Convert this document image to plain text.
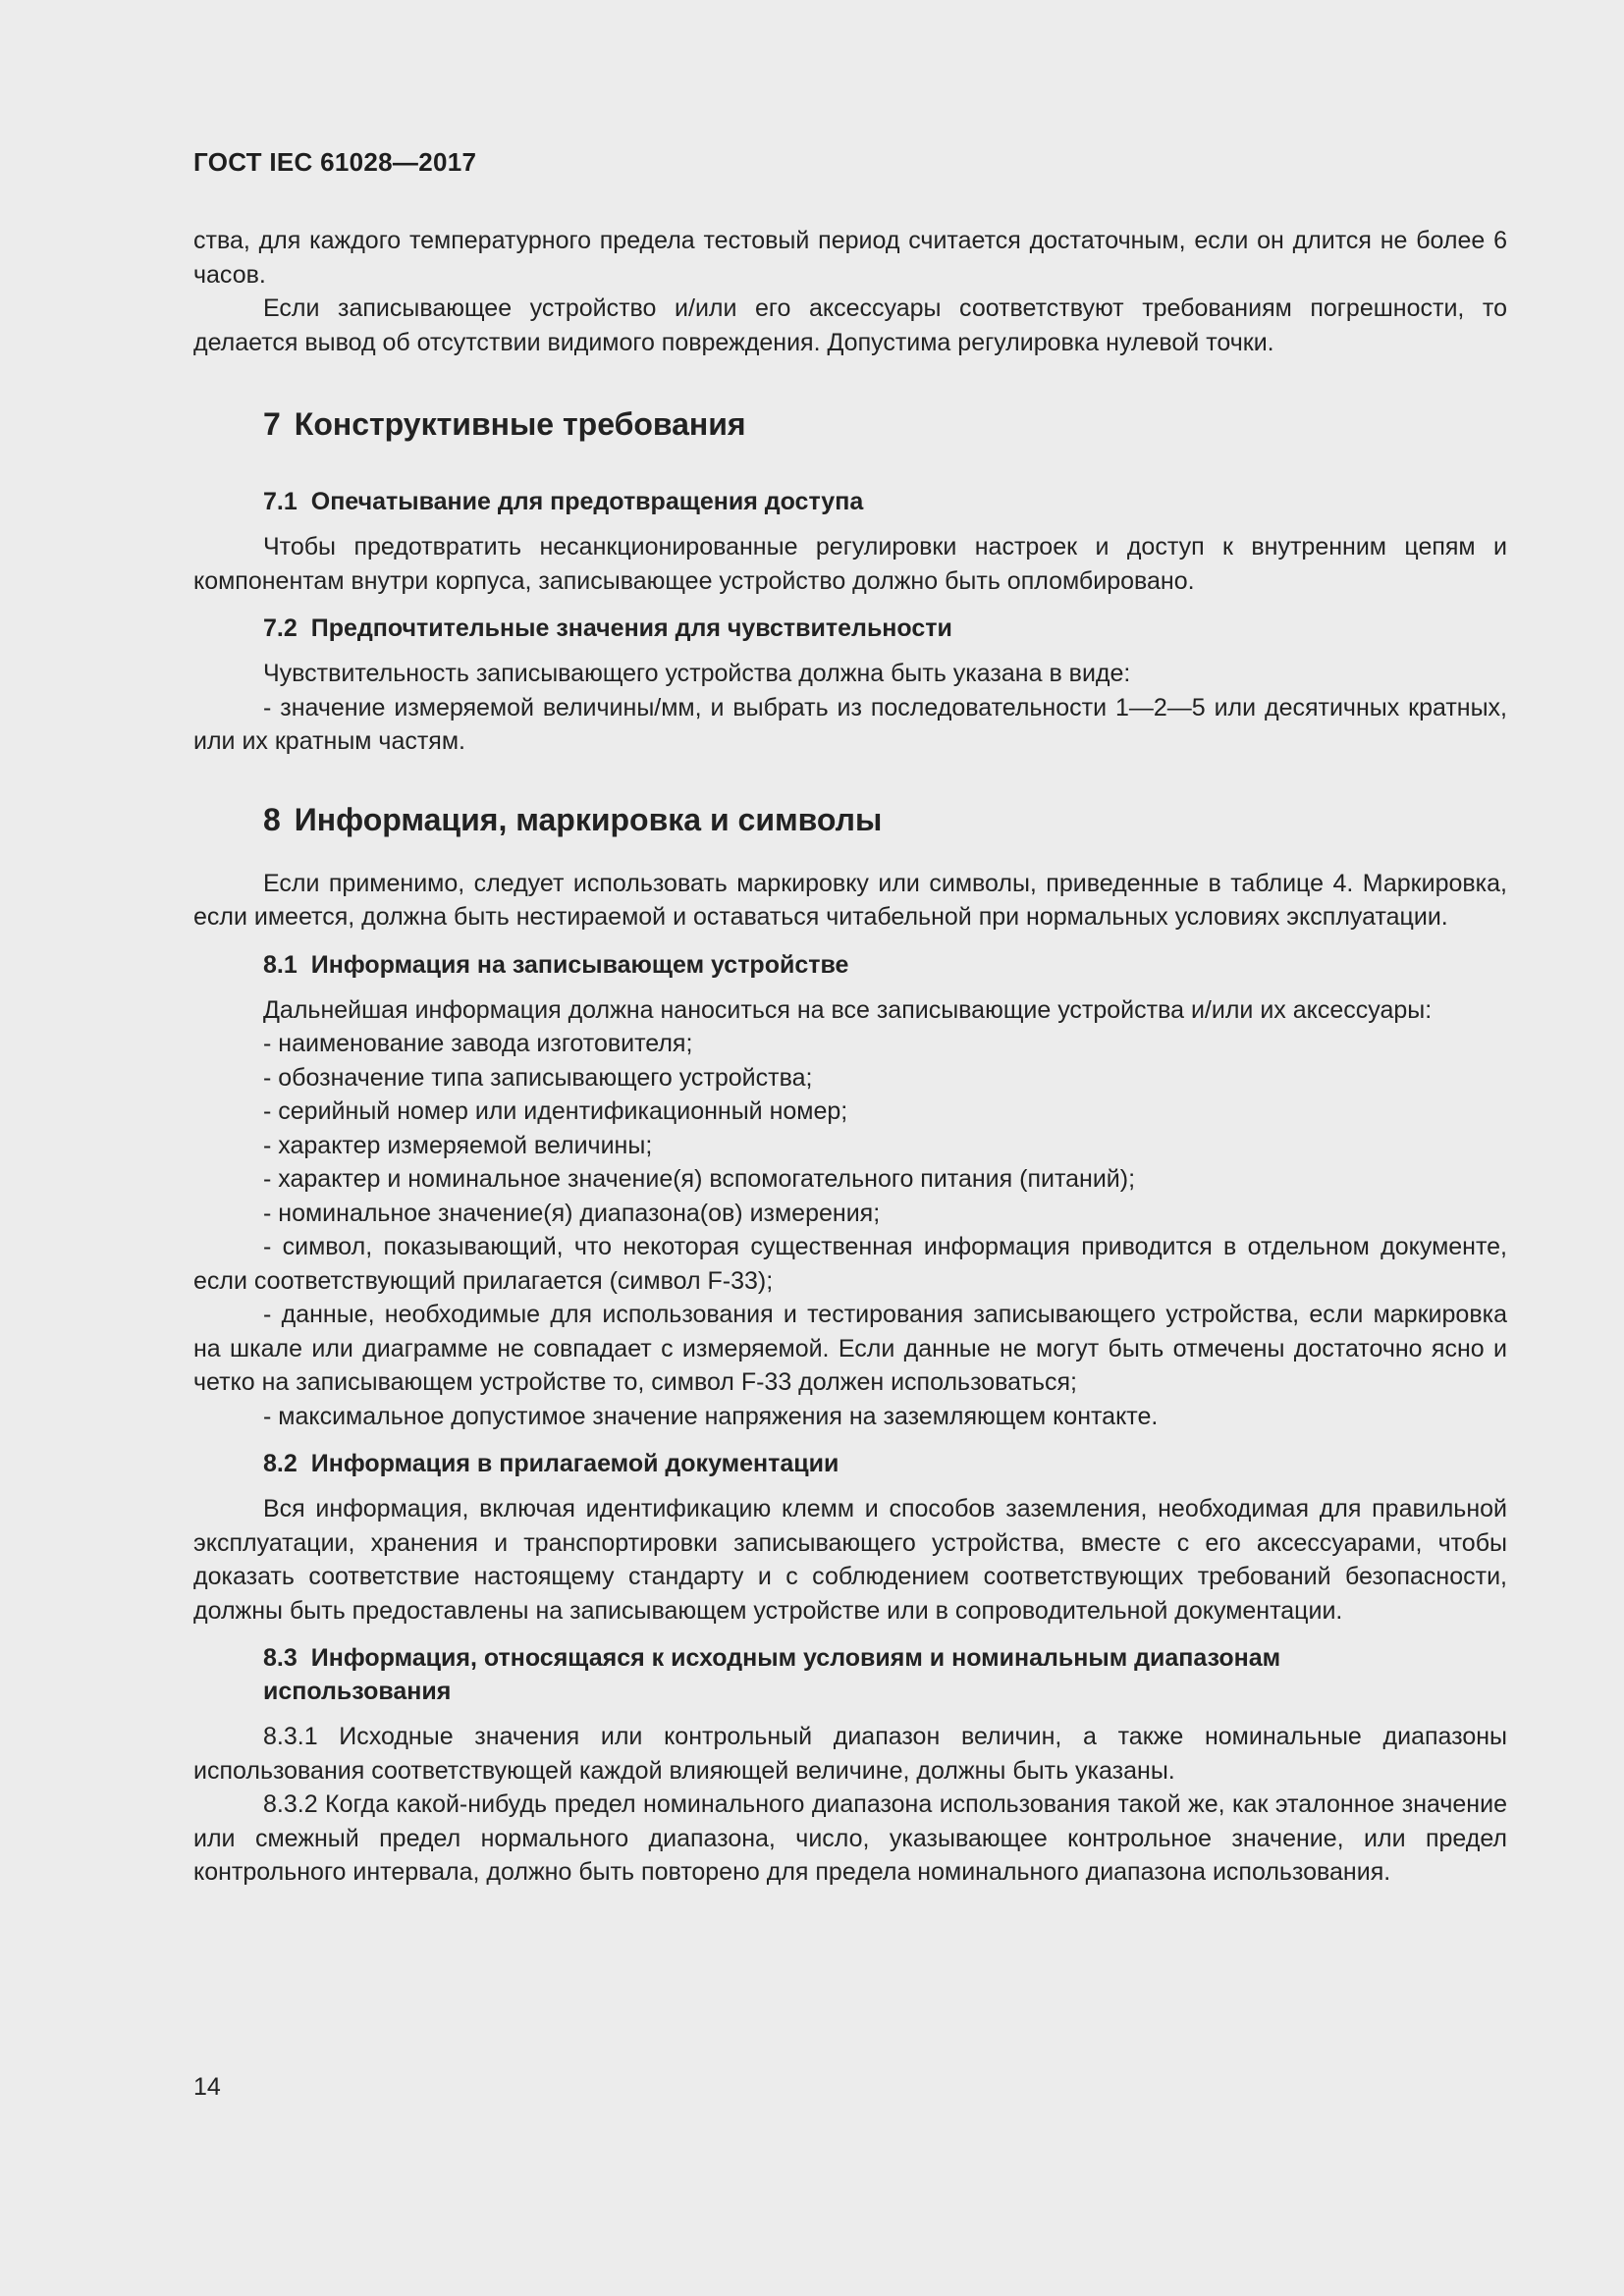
ГОСТ IEC 61028—2017

ства, для каждого температурного предела тестовый период считается достаточным, если он длится не более 6 часов.

Если записывающее устройство и/или его аксессуары соответствуют требованиям погрешности, то делается вывод об отсутствии видимого повреждения. Допустима регулировка нулевой точки.

7 Конструктивные требования
7.1 Опечатывание для предотвращения доступа

Чтобы предотвратить несанкционированные регулировки настроек и доступ к внутренним цепям и компонентам внутри корпуса, записывающее устройство должно быть опломбировано.

7.2 Предпочтительные значения для чувствительности

Чувствительность записывающего устройства должна быть указана в виде:

- значение измеряемой величины/мм, и выбрать из последовательности 1—2—5 или десятичных кратных, или их кратным частям.

8 Информация, маркировка и символы

Если применимо, следует использовать маркировку или символы, приведенные в таблице 4. Маркировка, если имеется, должна быть нестираемой и оставаться читабельной при нормальных условиях эксплуатации.

8.1 Информация на записывающем устройстве

Дальнейшая информация должна наноситься на все записывающие устройства и/или их аксессуары:

- наименование завода изготовителя;

- обозначение типа записывающего устройства;

- серийный номер или идентификационный номер;

- характер измеряемой величины;

- характер и номинальное значение(я) вспомогательного питания (питаний);

- номинальное значение(я) диапазона(ов) измерения;

- символ, показывающий, что некоторая существенная информация приводится в отдельном документе, если соответствующий прилагается (символ F-33);

- данные, необходимые для использования и тестирования записывающего устройства, если маркировка на шкале или диаграмме не совпадает с измеряемой. Если данные не могут быть отмечены достаточно ясно и четко на записывающем устройстве то, символ F-33 должен использоваться;

- максимальное допустимое значение напряжения на заземляющем контакте.

8.2 Информация в прилагаемой документации

Вся информация, включая идентификацию клемм и способов заземления, необходимая для правильной эксплуатации, хранения и транспортировки записывающего устройства, вместе с его аксессуарами, чтобы доказать соответствие настоящему стандарту и с соблюдением соответствующих требований безопасности, должны быть предоставлены на записывающем устройстве или в сопроводительной документации.

8.3 Информация, относящаяся к исходным условиям и номинальным диапазонам
использования

8.3.1 Исходные значения или контрольный диапазон величин, а также номинальные диапазоны использования соответствующей каждой влияющей величине, должны быть указаны.

8.3.2 Когда какой-нибудь предел номинального диапазона использования такой же, как эталонное значение или смежный предел нормального диапазона, число, указывающее контрольное значение, или предел контрольного интервала, должно быть повторено для предела номинального диапазона использования.

14
